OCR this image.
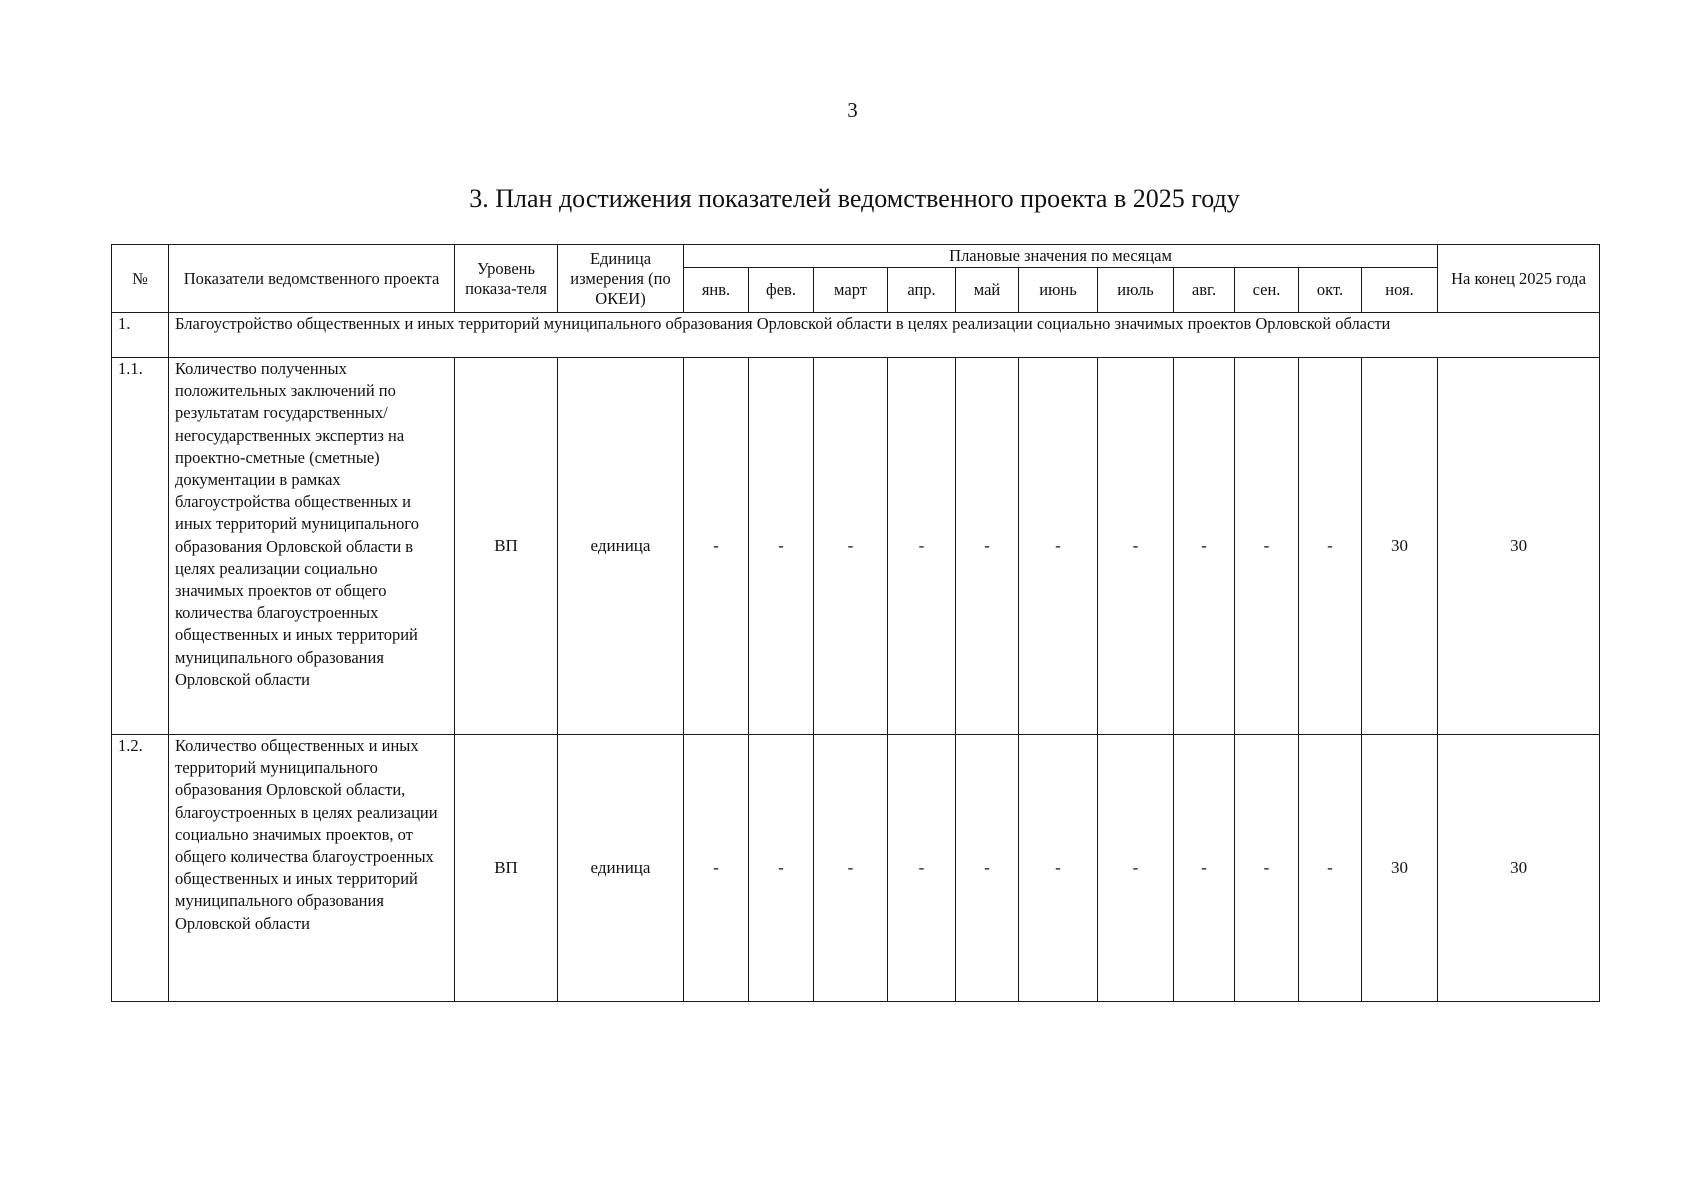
3
3. План достижения показателей ведомственного проекта в 2025 году
№	Показатели ведомственного проекта	Уровень показа-теля	Единица измерения (по ОКЕИ)	Плановые значения по месяцам											На конец 2025 года
				янв.	фев.	март	апр.	май	июнь	июль	авг.	сен.	окт.	ноя.	
1.	Благоустройство общественных и иных территорий муниципального образования Орловской области в целях реализации социально значимых проектов Орловской области														
1.1.	Количество полученных положительных заключений по результатам государственных/ негосударственных экспертиз на проектно-сметные (сметные) документации в рамках благоустройства общественных и иных территорий муниципального образования Орловской области в целях реализации социально значимых проектов от общего количества благоустроенных общественных и иных территорий муниципального образования Орловской области	ВП	единица	-	-	-	-	-	-	-	-	-	-	30	30
1.2.	Количество общественных и иных территорий муниципального образования Орловской области, благоустроенных в целях реализации социально значимых проектов, от общего количества благоустроенных общественных и иных территорий муниципального образования Орловской области	ВП	единица	-	-	-	-	-	-	-	-	-	-	30	30
